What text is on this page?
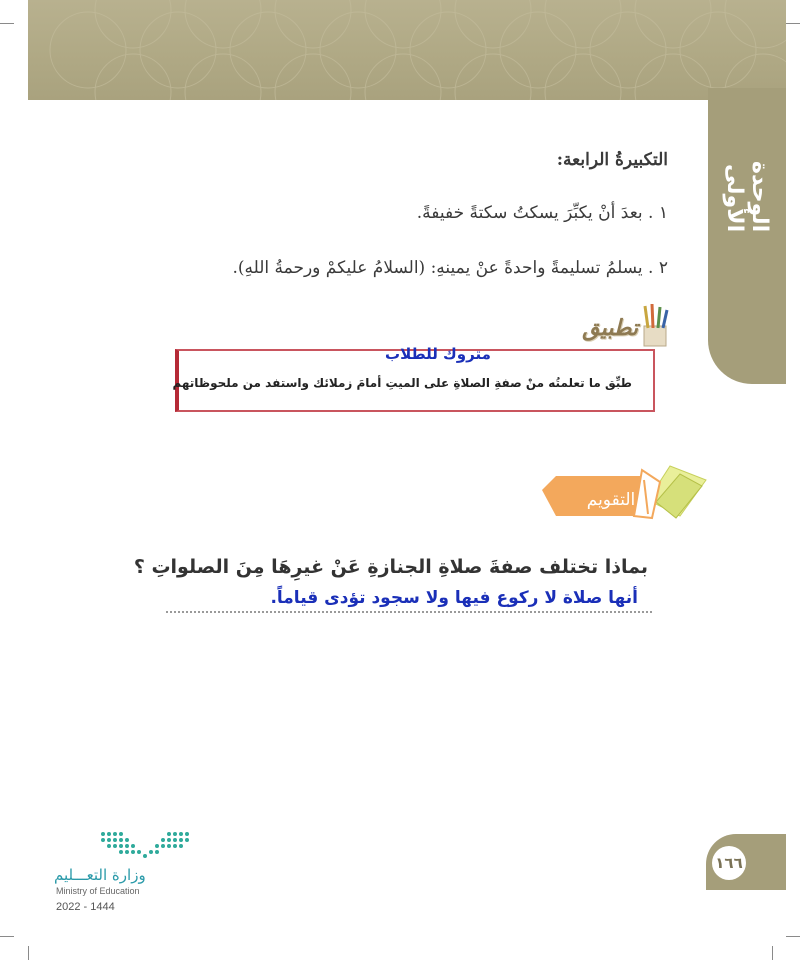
الوحدة الأولى
التكبيرةُ الرابعة:
١ . بعدَ أنْ يكبِّرَ يسكتُ سكتةً خفيفةً.
٢ . يسلمُ تسليمةً واحدةً عنْ يمينهِ: (السلامُ عليكمْ ورحمةُ اللهِ).
تطبيق
متروك للطلاب
طبِّق ما تعلمتُه منْ صفةِ الصلاةِ على الميتِ أمامَ زملائك واستفد من ملحوظاتهم
التقويم
بماذا تختلف صفةَ صلاةِ الجنازةِ عَنْ غيرِهَا مِنَ الصلواتِ ؟
أنها صلاة لا ركوع فيها ولا سجود تؤدى قياماً.
١٦٦
وزارة التعـــليم
Ministry of Education
2022 - 1444
